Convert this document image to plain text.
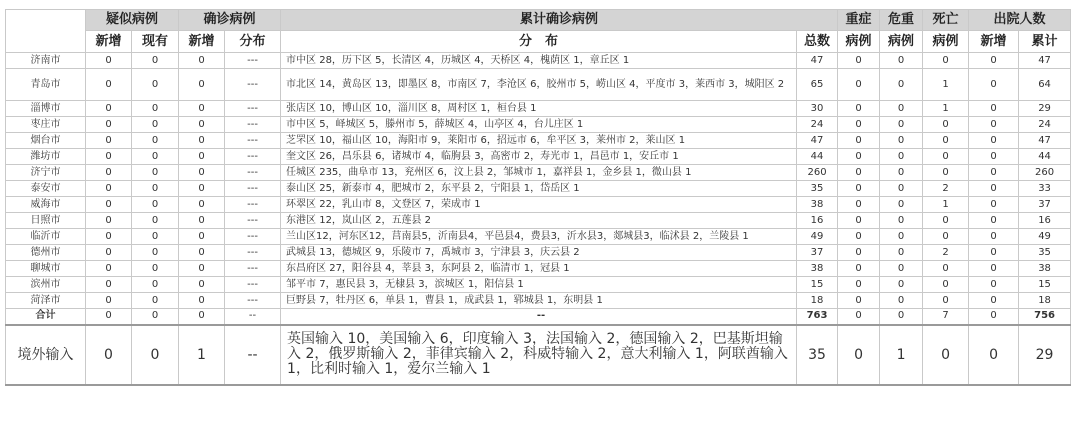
	疑似病例		确诊病例		累计确诊病例		重症	危重	死亡	出院人数	
	新增	现有	新增	分布	分　布	总数	病例	病例	病例	新增	累计
济南市	0	0	0	---	市中区 28，历下区 5，长清区 4，历城区 4，天桥区 4，槐荫区 1，章丘区 1	47	0	0	0	0	47
青岛市	0	0	0	---	市北区 14，黄岛区 13，即墨区 8，市南区 7，李沧区 6，胶州市 5，崂山区 4，平度市 3，莱西市 3，城阳区 2	65	0	0	1	0	64
淄博市	0	0	0	---	张店区 10，博山区 10，淄川区 8，周村区 1，桓台县 1	30	0	0	1	0	29
枣庄市	0	0	0	---	市中区 5，峄城区 5，滕州市 5，薛城区 4，山亭区 4，台儿庄区 1	24	0	0	0	0	24
烟台市	0	0	0	---	芝罘区 10，福山区 10，海阳市 9，莱阳市 6，招远市 6，牟平区 3，莱州市 2，莱山区 1	47	0	0	0	0	47
潍坊市	0	0	0	---	奎文区 26，昌乐县 6，诸城市 4，临朐县 3，高密市 2，寿光市 1，昌邑市 1，安丘市 1	44	0	0	0	0	44
济宁市	0	0	0	---	任城区 235，曲阜市 13，兖州区 6，汶上县 2，邹城市 1，嘉祥县 1，金乡县 1，微山县 1	260	0	0	0	0	260
泰安市	0	0	0	---	泰山区 25，新泰市 4，肥城市 2，东平县 2，宁阳县 1，岱岳区 1	35	0	0	2	0	33
威海市	0	0	0	---	环翠区 22，乳山市 8，文登区 7，荣成市 1	38	0	0	1	0	37
日照市	0	0	0	---	东港区 12，岚山区 2，五莲县 2	16	0	0	0	0	16
临沂市	0	0	0	---	兰山区12，河东区12，莒南县5，沂南县4，平邑县4，费县3，沂水县3，郯城县3，临沭县 2，兰陵县 1	49	0	0	0	0	49
德州市	0	0	0	---	武城县 13，德城区 9，乐陵市 7，禹城市 3，宁津县 3，庆云县 2	37	0	0	2	0	35
聊城市	0	0	0	---	东昌府区 27，阳谷县 4，莘县 3，东阿县 2，临清市 1，冠县 1	38	0	0	0	0	38
滨州市	0	0	0	---	邹平市 7，惠民县 3，无棣县 3，滨城区 1，阳信县 1	15	0	0	0	0	15
菏泽市	0	0	0	---	巨野县 7，牡丹区 6，单县 1，曹县 1，成武县 1，郓城县 1，东明县 1	18	0	0	0	0	18
合计	0	0	0	--	--	763	0	0	7	0	756
境外输入	0	0	1	--	英国输入 10，美国输入 6，印度输入 3，法国输入 2，德国输入 2，巴基斯坦输入 2，俄罗斯输入 2，菲律宾输入 2，科威特输入 2，意大利输入 1，阿联酋输入 1，比利时输入 1，爱尔兰输入 1	35	0	1	0	0	29
